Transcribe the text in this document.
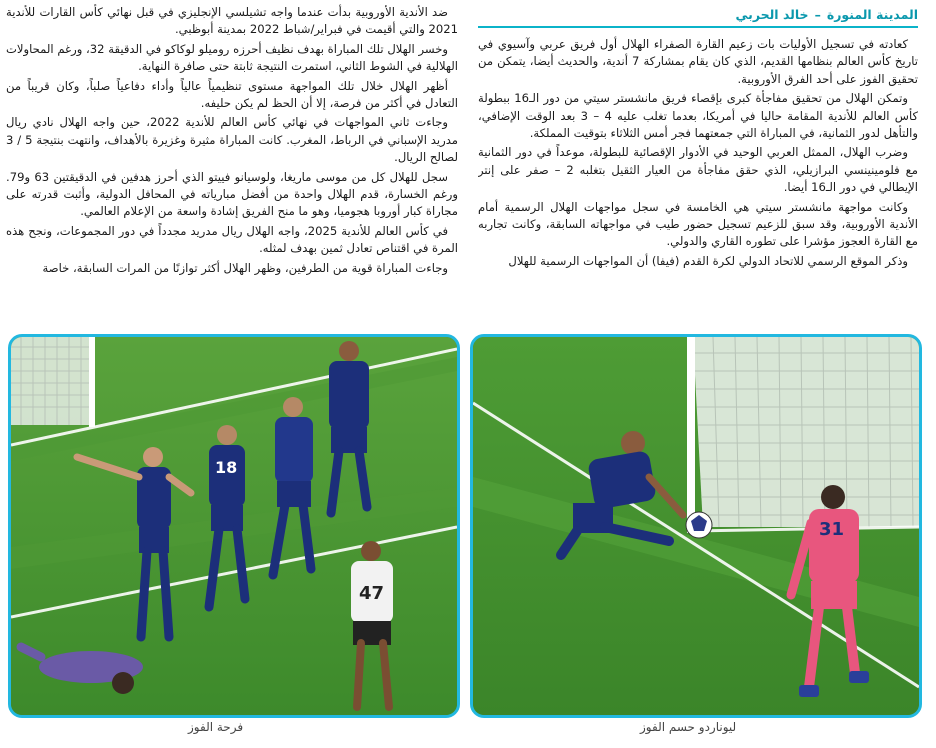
المدينة المنورة
–
خالد الحربي

كعادته في تسجيل الأوليات بات زعيم القارة الصفراء الهلال أول فريق عربي وآسيوي في تاريخ كأس العالم بنظامها القديم، الذي كان يقام بمشاركة 7 أندية، والحديث أيضا، يتمكن من تحقيق الفوز على أحد الفرق الأوروبية.

وتمكن الهلال من تحقيق مفاجأة كبرى بإقصاء فريق مانشستر سيتي من دور الـ16 ببطولة كأس العالم للأندية المقامة حاليا في أمريكا، بعدما تغلب عليه 4 – 3 بعد الوقت الإضافي، والتأهل لدور الثمانية، في المباراة التي جمعتهما فجر أمس الثلاثاء بتوقيت المملكة.

وضرب الهلال، الممثل العربي الوحيد في الأدوار الإقصائية للبطولة، موعداً في دور الثمانية مع فلومينينسي البرازيلي، الذي حقق مفاجأة من العيار الثقيل بتغلبه 2 – صفر على إنتر الإيطالي في دور الـ16 أيضا.

وكانت مواجهة مانشستر سيتي هي الخامسة في سجل مواجهات الهلال الرسمية أمام الأندية الأوروبية، وقد سبق للزعيم تسجيل حضور طيب في مواجهاته السابقة، وكانت تجاربه مع القارة العجوز مؤشرا على تطوره القاري والدولي.

وذكر الموقع الرسمي للاتحاد الدولي لكرة القدم (فيفا) أن المواجهات الرسمية للهلال

ضد الأندية الأوروبية بدأت عندما واجه تشيلسي الإنجليزي في قبل نهائي كأس القارات للأندية 2021 والتي أقيمت في فبراير/شباط 2022 بمدينة أبوظبي.

وخسر الهلال تلك المباراة بهدف نظيف أحرزه روميلو لوكاكو في الدقيقة 32، ورغم المحاولات الهلالية في الشوط الثاني، استمرت النتيجة ثابتة حتى صافرة النهاية.

أظهر الهلال خلال تلك المواجهة مستوى تنظيمياً عالياً وأداء دفاعياً صلباً، وكان قريباً من التعادل في أكثر من فرصة، إلا أن الحظ لم يكن حليفه.

وجاءت ثاني المواجهات في نهائي كأس العالم للأندية 2022، حين واجه الهلال نادي ريال مدريد الإسباني في الرباط، المغرب. كانت المباراة مثيرة وغزيرة بالأهداف، وانتهت بنتيجة 5 / 3 لصالح الريال.

سجل للهلال كل من موسى ماريغا، ولوسيانو فييتو الذي أحرز هدفين في الدقيقتين 63 و79. ورغم الخسارة، قدم الهلال واحدة من أفضل مبارياته في المحافل الدولية، وأثبت قدرته على مجاراة كبار أوروبا هجوميا، وهو ما منح الفريق إشادة واسعة من الإعلام العالمي.

في كأس العالم للأندية 2025، واجه الهلال ريال مدريد مجدداً في دور المجموعات، ونجح هذه المرة في اقتناص تعادل ثمين بهدف لمثله.

وجاءت المباراة قوية من الطرفين، وظهر الهلال أكثر توازنًا من المرات السابقة، خاصة

18
47
31
فرحة الفوز	ليوناردو حسم الفوز
